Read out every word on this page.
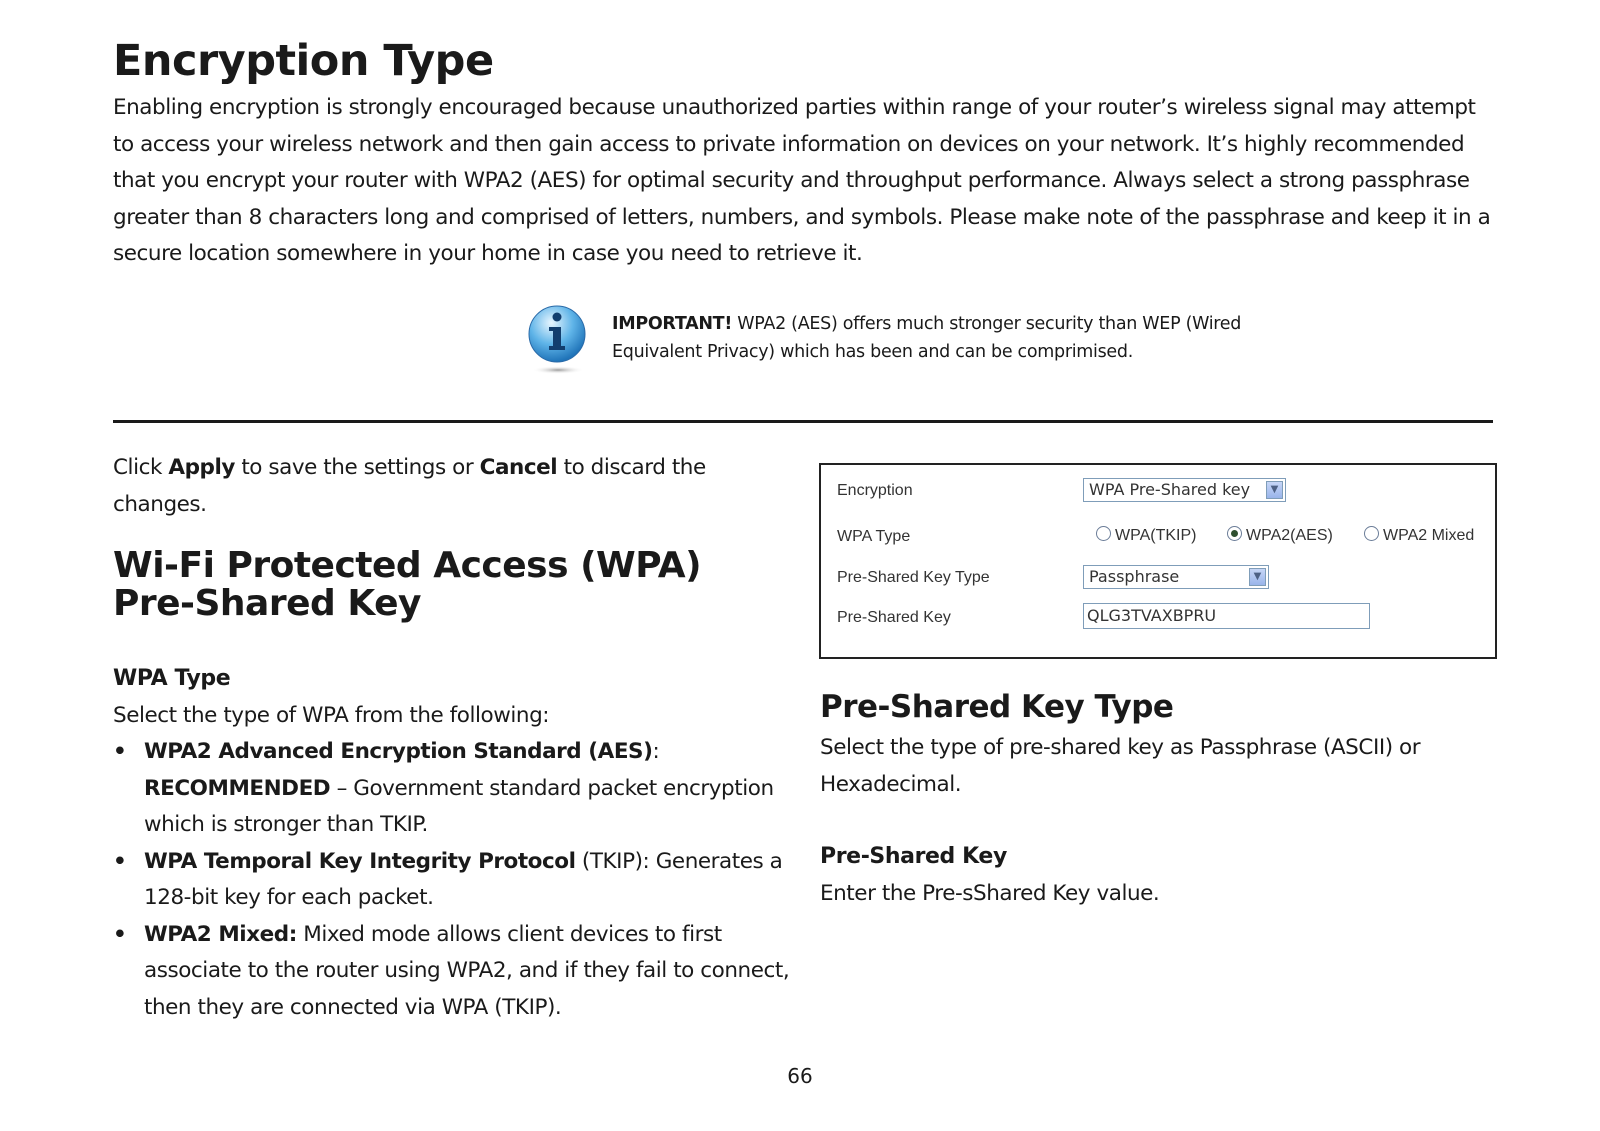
Encryption Type

Enabling encryption is strongly encouraged because unauthorized parties within range of your router’s wireless signal may attempt to access your wireless network and then gain access to private information on devices on your network. It’s highly recommended that you encrypt your router with WPA2 (AES) for optimal security and throughput performance. Always select a strong passphrase greater than 8 characters long and comprised of letters, numbers, and symbols. Please make note of the passphrase and keep it in a secure location somewhere in your home in case you need to retrieve it.

IMPORTANT! WPA2 (AES) offers much stronger security than WEP (Wired Equivalent Privacy) which has been and can be comprimised.

Click Apply to save the settings or Cancel to discard the changes.

Wi-Fi Protected Access (WPA)
Pre-Shared Key
WPA Type

Select the type of WPA from the following:

• WPA2 Advanced Encryption Standard (AES):
RECOMMENDED – Government standard packet encryption which is stronger than TKIP.
• WPA Temporal Key Integrity Protocol (TKIP): Generates a 128-bit key for each packet.
• WPA2 Mixed: Mixed mode allows client devices to first associate to the router using WPA2, and if they fail to connect, then they are connected via WPA (TKIP).
Encryption	WPA Pre-Shared key	▼
WPA Type	WPA(TKIP)	WPA2(AES)	WPA2 Mixed
Pre-Shared Key Type	Passphrase	▼
Pre-Shared Key	QLG3TVAXBPRU
Pre-Shared Key Type

Select the type of pre-shared key as Passphrase (ASCII) or Hexadecimal.

Pre-Shared Key

Enter the Pre-sShared Key value.

66
